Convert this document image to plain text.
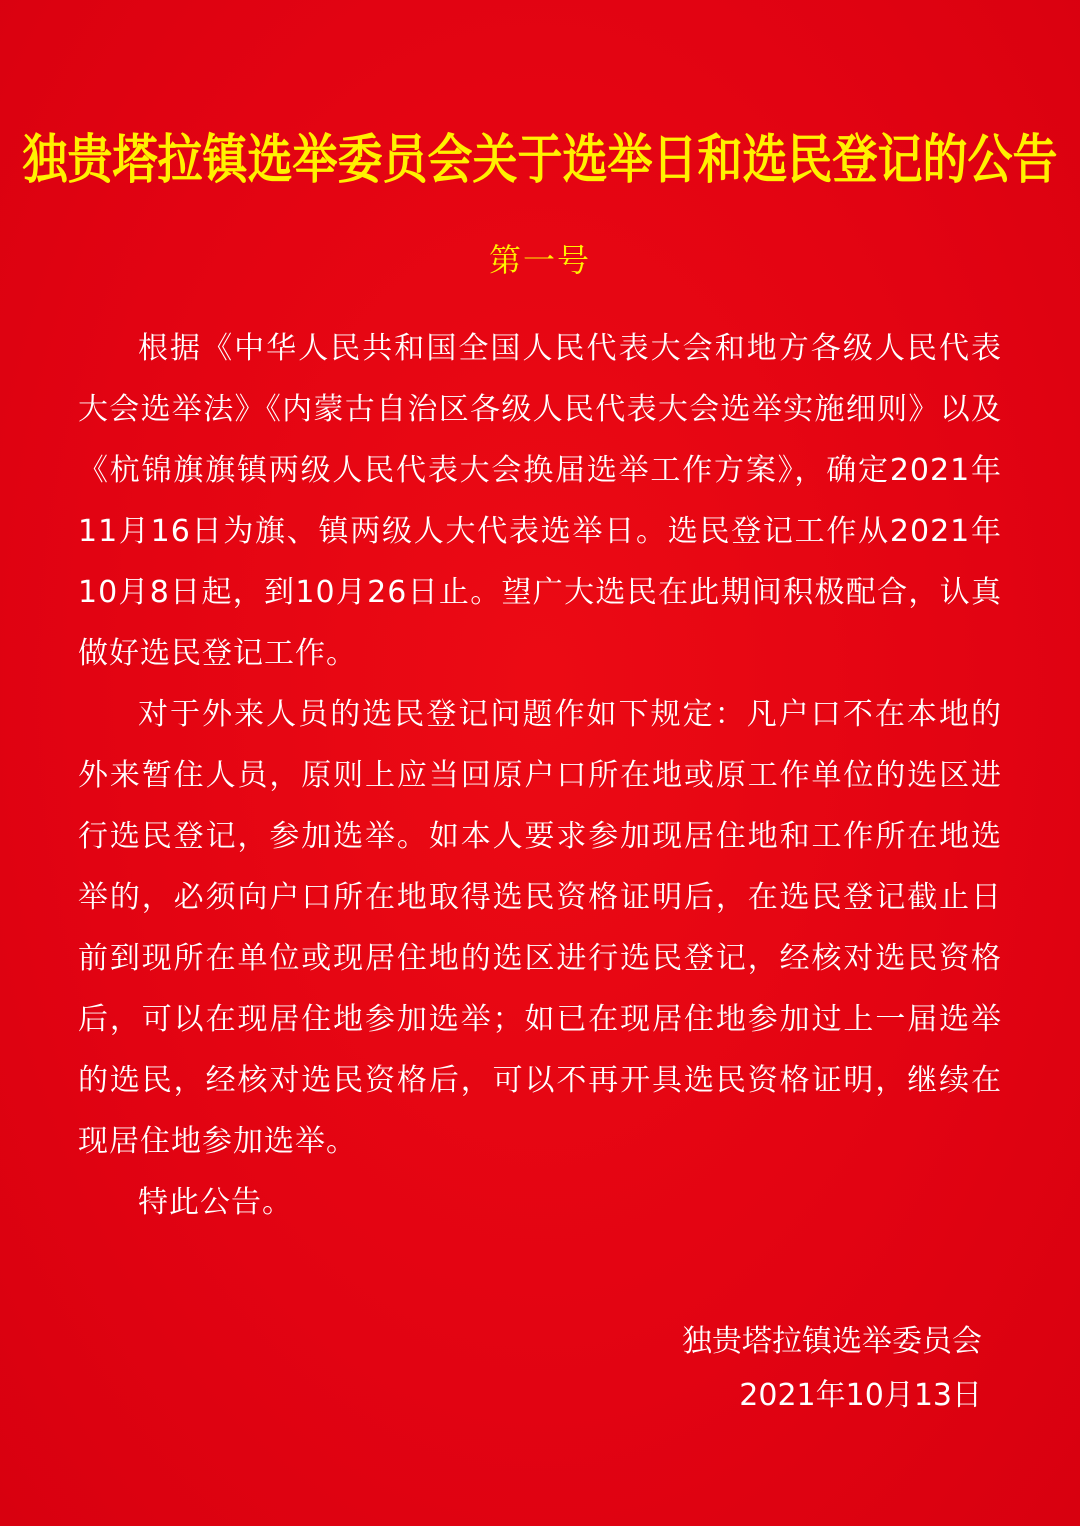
独贵塔拉镇选举委员会关于选举日和选民登记的公告
第一号

根据《中华人民共和国全国人民代表大会和地方各级人民代表大会选举法》《内蒙古自治区各级人民代表大会选举实施细则》以及《杭锦旗旗镇两级人民代表大会换届选举工作方案》，确定2021年11月16日为旗、镇两级人大代表选举日。选民登记工作从2021年10月8日起，到10月26日止。望广大选民在此期间积极配合，认真做好选民登记工作。

对于外来人员的选民登记问题作如下规定：凡户口不在本地的外来暂住人员，原则上应当回原户口所在地或原工作单位的选区进行选民登记，参加选举。如本人要求参加现居住地和工作所在地选举的，必须向户口所在地取得选民资格证明后，在选民登记截止日前到现所在单位或现居住地的选区进行选民登记，经核对选民资格后，可以在现居住地参加选举；如已在现居住地参加过上一届选举的选民，经核对选民资格后，可以不再开具选民资格证明，继续在现居住地参加选举。

特此公告。

独贵塔拉镇选举委员会
2021年10月13日
